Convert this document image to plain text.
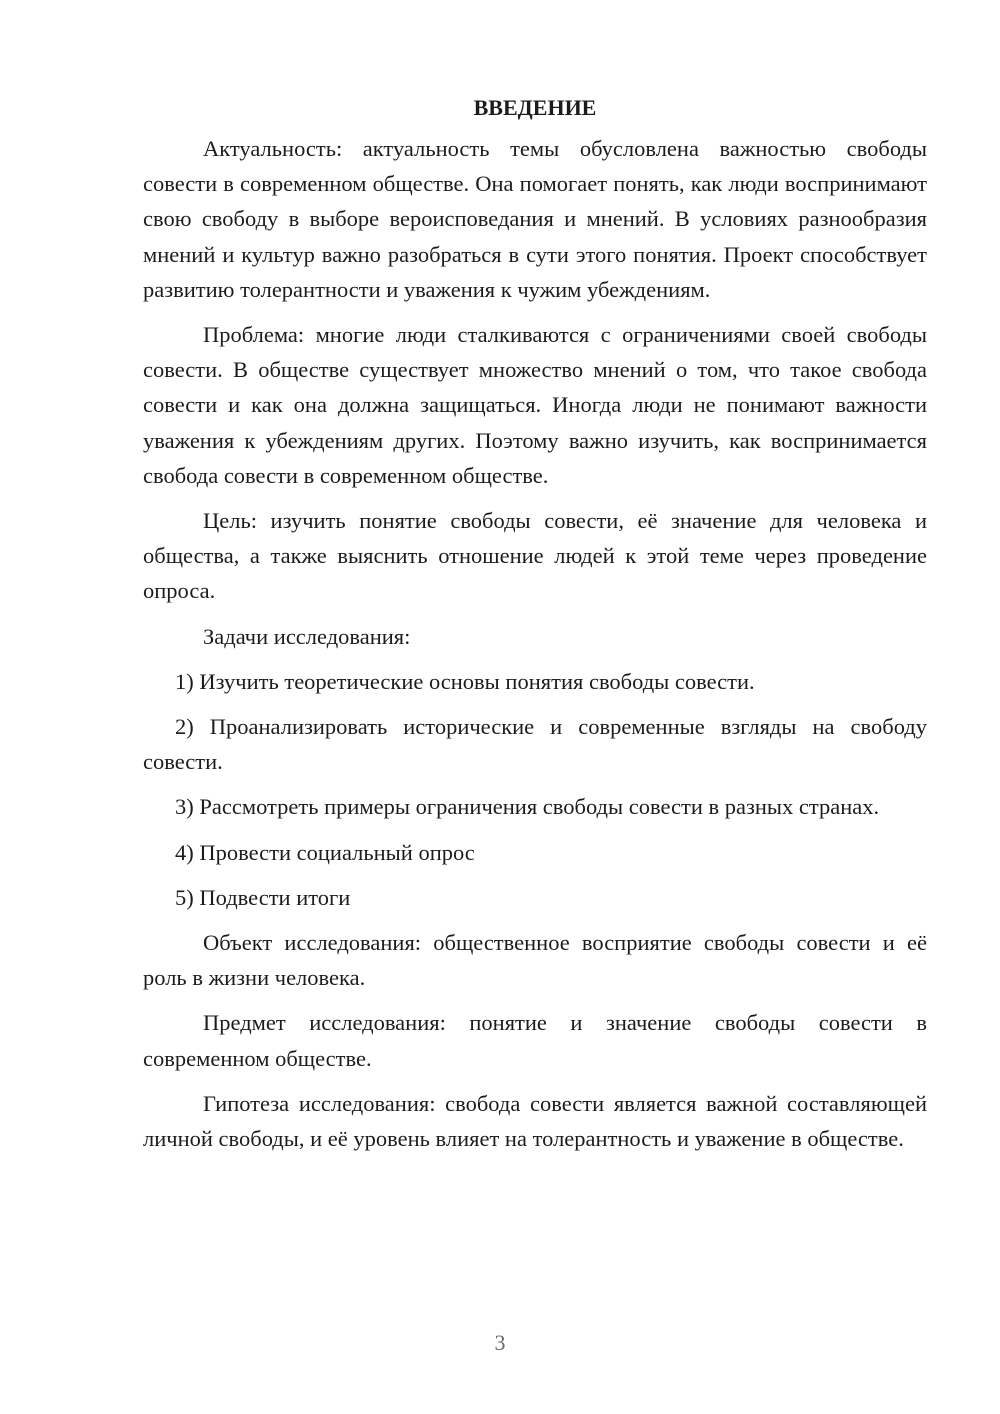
ВВЕДЕНИЕ

Актуальность: актуальность темы обусловлена важностью свободы совести в современном обществе. Она помогает понять, как люди воспринимают свою свободу в выборе вероисповедания и мнений. В условиях разнообразия мнений и культур важно разобраться в сути этого понятия. Проект способствует развитию толерантности и уважения к чужим убеждениям.

Проблема: многие люди сталкиваются с ограничениями своей свободы совести. В обществе существует множество мнений о том, что такое свобода совести и как она должна защищаться. Иногда люди не понимают важности уважения к убеждениям других. Поэтому важно изучить, как воспринимается свобода совести в современном обществе.

Цель: изучить понятие свободы совести, её значение для человека и общества, а также выяснить отношение людей к этой теме через проведение опроса.

Задачи исследования:

1) Изучить теоретические основы понятия свободы совести.

2) Проанализировать исторические и современные взгляды на свободу совести.

3) Рассмотреть примеры ограничения свободы совести в разных странах.

4) Провести социальный опрос

5) Подвести итоги

Объект исследования: общественное восприятие свободы совести и её роль в жизни человека.

Предмет исследования: понятие и значение свободы совести в современном обществе.

Гипотеза исследования: свобода совести является важной составляющей личной свободы, и её уровень влияет на толерантность и уважение в обществе.

3
